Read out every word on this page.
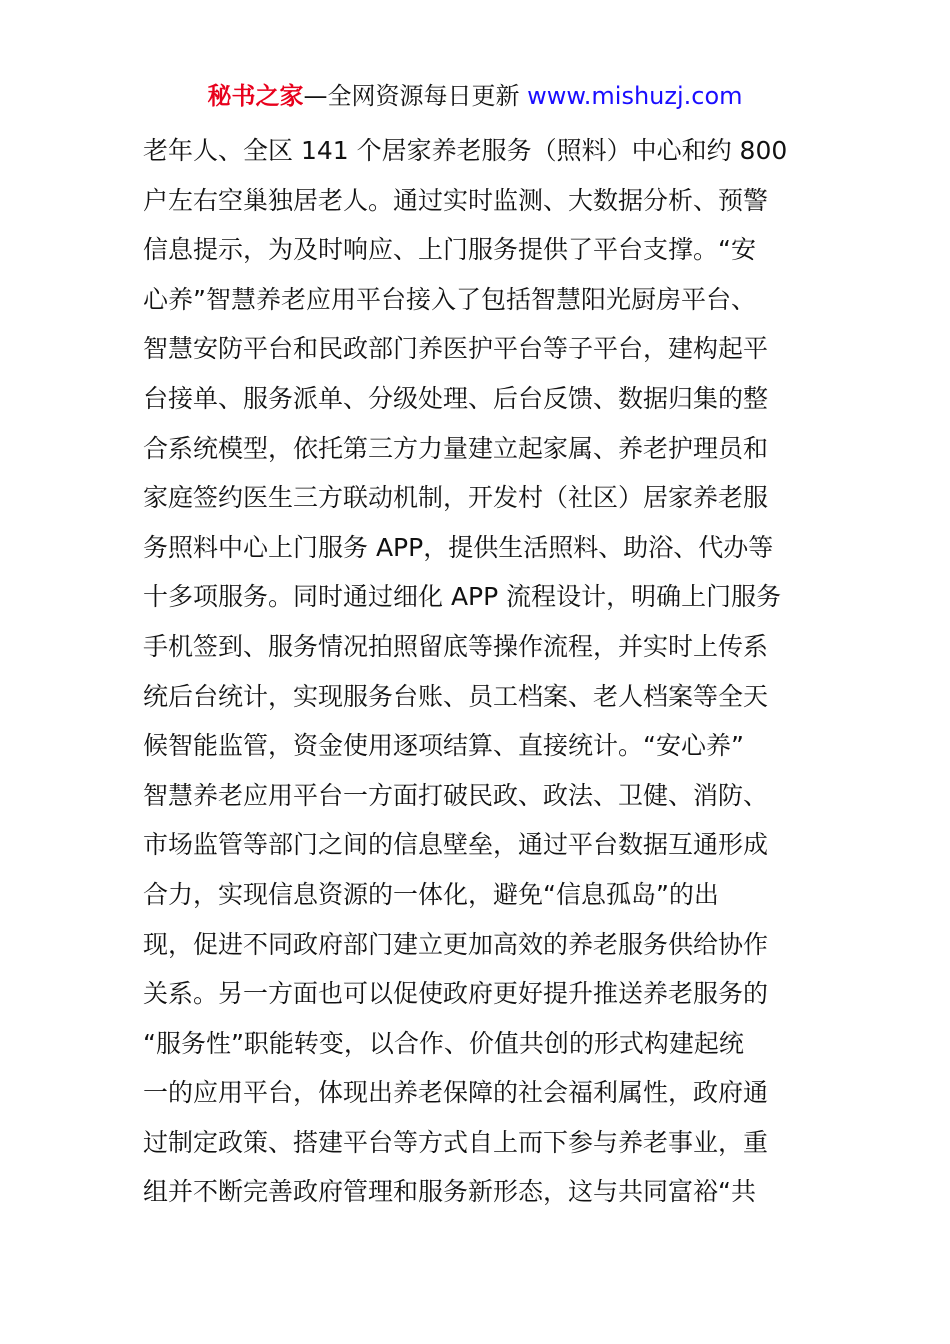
秘书之家—全网资源每日更新 www.mishuzj.com
老年人、全区 141 个居家养老服务（照料）中心和约 800
户左右空巢独居老人。通过实时监测、大数据分析、预警
信息提示，为及时响应、上门服务提供了平台支撑。“安
心养”智慧养老应用平台接入了包括智慧阳光厨房平台、
智慧安防平台和民政部门养医护平台等子平台，建构起平
台接单、服务派单、分级处理、后台反馈、数据归集的整
合系统模型，依托第三方力量建立起家属、养老护理员和
家庭签约医生三方联动机制，开发村（社区）居家养老服
务照料中心上门服务 APP，提供生活照料、助浴、代办等
十多项服务。同时通过细化 APP 流程设计，明确上门服务
手机签到、服务情况拍照留底等操作流程，并实时上传系
统后台统计，实现服务台账、员工档案、老人档案等全天
候智能监管，资金使用逐项结算、直接统计。“安心养”
智慧养老应用平台一方面打破民政、政法、卫健、消防、
市场监管等部门之间的信息壁垒，通过平台数据互通形成
合力，实现信息资源的一体化，避免“信息孤岛”的出
现，促进不同政府部门建立更加高效的养老服务供给协作
关系。另一方面也可以促使政府更好提升推送养老服务的
“服务性”职能转变，以合作、价值共创的形式构建起统
一的应用平台，体现出养老保障的社会福利属性，政府通
过制定政策、搭建平台等方式自上而下参与养老事业，重
组并不断完善政府管理和服务新形态，这与共同富裕“共
